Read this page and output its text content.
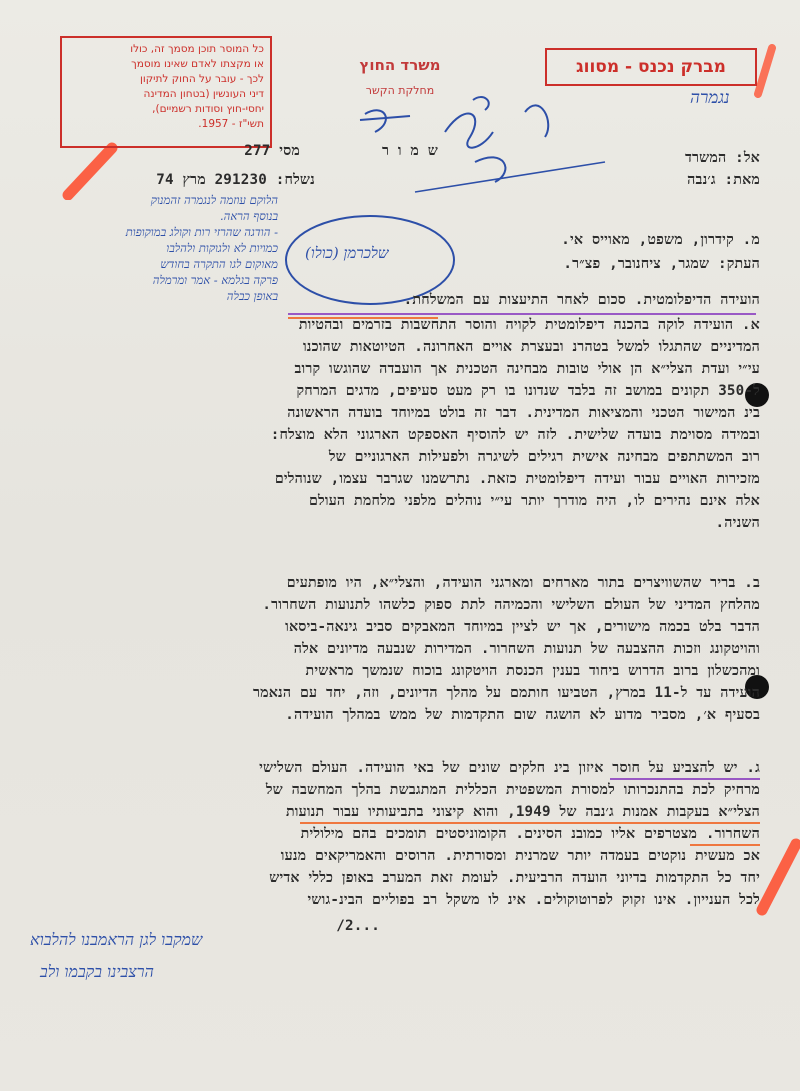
כל המוסר תוכן מסמך זה, כולו
או מקצתו לאדם שאינו מוסמך
לכך - עובר על החוק לתיקון
דיני העונשין (בטחון המדינה
יחסי-חוץ וסודות רשמיים),
תשי"ז - 1957.
משרד החוץ
מחלקת הקשר
מברק נכנס - מסווג
נגמרה
שלכרמן (כולו)
הלוקם עוזמה לנגמרה זהמנוק
בנוסף הראה.
- הודגה שהרזי רות וקולג במוקופות
כמויות לא ולגוקות ולהלבו
מאוקום לגו התקרה בחודש
פרקה בגלמא - אמר ומרמלה
באופן כבלה
ש מ ו ר
מסי 277	אל: המשרד
מאת: ג׳נבה
נשלח: 291230 מרץ 74
מ. קידרון, משפט, מאוייס אי.
העתק: שמגר, ציחנובר, פצ״ר.
הועידה הדיפלומטית. סכום לאחר התיעצות עם המשלחת.
א. הועידה לוקה בהכנה דיפלומטית לקויה והוסר התחשבות בזרמים ובהטיות
המדיניים שהתגלו למשל בטהרנ ובעצרת אויים האחרונה. הטיוטאות שהוכנו
עי״י ועדת הצלי״א הן אולי טובות מבחינה הטכנית אך הועבדה שהוגשו קרוב
ל-350 תקונים במושב זה בלבד שנדונו בו רק מעט סעיפים, מדגים המרחק
בינ המישור הטכני והמציאות המדינית. דבר זה בולט במיוחד בועדה הראשונה
ובמידה מסוימת בועדה שלישית. לזה יש להוסיף האספקט הארגוני הלא מוצלח:
רוב המשתתפים מבחינה אישית רגילים לשיגרה ולפעילות הארגוניים של
מזכירות האויים עבור ועידה דיפלומטית כזאת. נתרשמנו שגרבר עצמו, שנוהלים
אלה אינם נהירים לו, היה מודרך יותר עי״י נוהלים מלפני מלחמת העולם
השניה.
ב. בריר שהשוויצרים בתור מארחים ומארגני הועידה, והצלי״א, היו מופתעים
מהלחץ המדיני של העולם השלישי והכמיהה לתת ספוק כלשהו לתנועות השחרור.
הדבר בלט בכמה מישורים, אך יש לציין במיוחד המאבקים סביב גינאה-ביסאו
והויטקונג וזכות ההצבעה של תנועות השחרור. המדירות שנבעה מדיונים אלה
ומהכשלון ברוב הדרוש ביחוד בענין הכנסת הויטקונג בוכוח שנמשך מראשית
הועידה עד ל-11 במרץ, הטביעו חותמם על מהלך הדיונים, וזה, יחד עם הנאמר
בסעיף א׳, מסביר מדוע לא הושגה שום התקדמות של ממש במהלך הועידה.
ג. יש להצביע על חוסר איזון בינ חלקים שונים של באי הועידה. העולם השלישי
מרחיק לכת בהתנכרותו למסורת המשפטית הכללית המתגבשת בהלך המחשבה של
הצלי״א בעקבות אמנות ג׳נבה של 1949, והוא קיצוני בתביעותיו עבור תנועות
השחרור. מצטרפים אליו כמובנ הסינים. הקומוניסטים תומכים בהם מילולית
אכ מעשית נוקטים בעמדה יותר שמרנית ומסורתית. הרוסים והאמריקאים מנעו
יחד כל התקדמות בדיוני הועדה הרביעית. לעומת זאת המערב באופן כללי אדיש
לכל הענייון. אינו זקוק לפרוטוקולים. אינ לו משקל רב בפוליים הבינ-גושי
...2/
שמקבו לגן הראמבנו להלבוא
הרצבינו בקבמו ולב
